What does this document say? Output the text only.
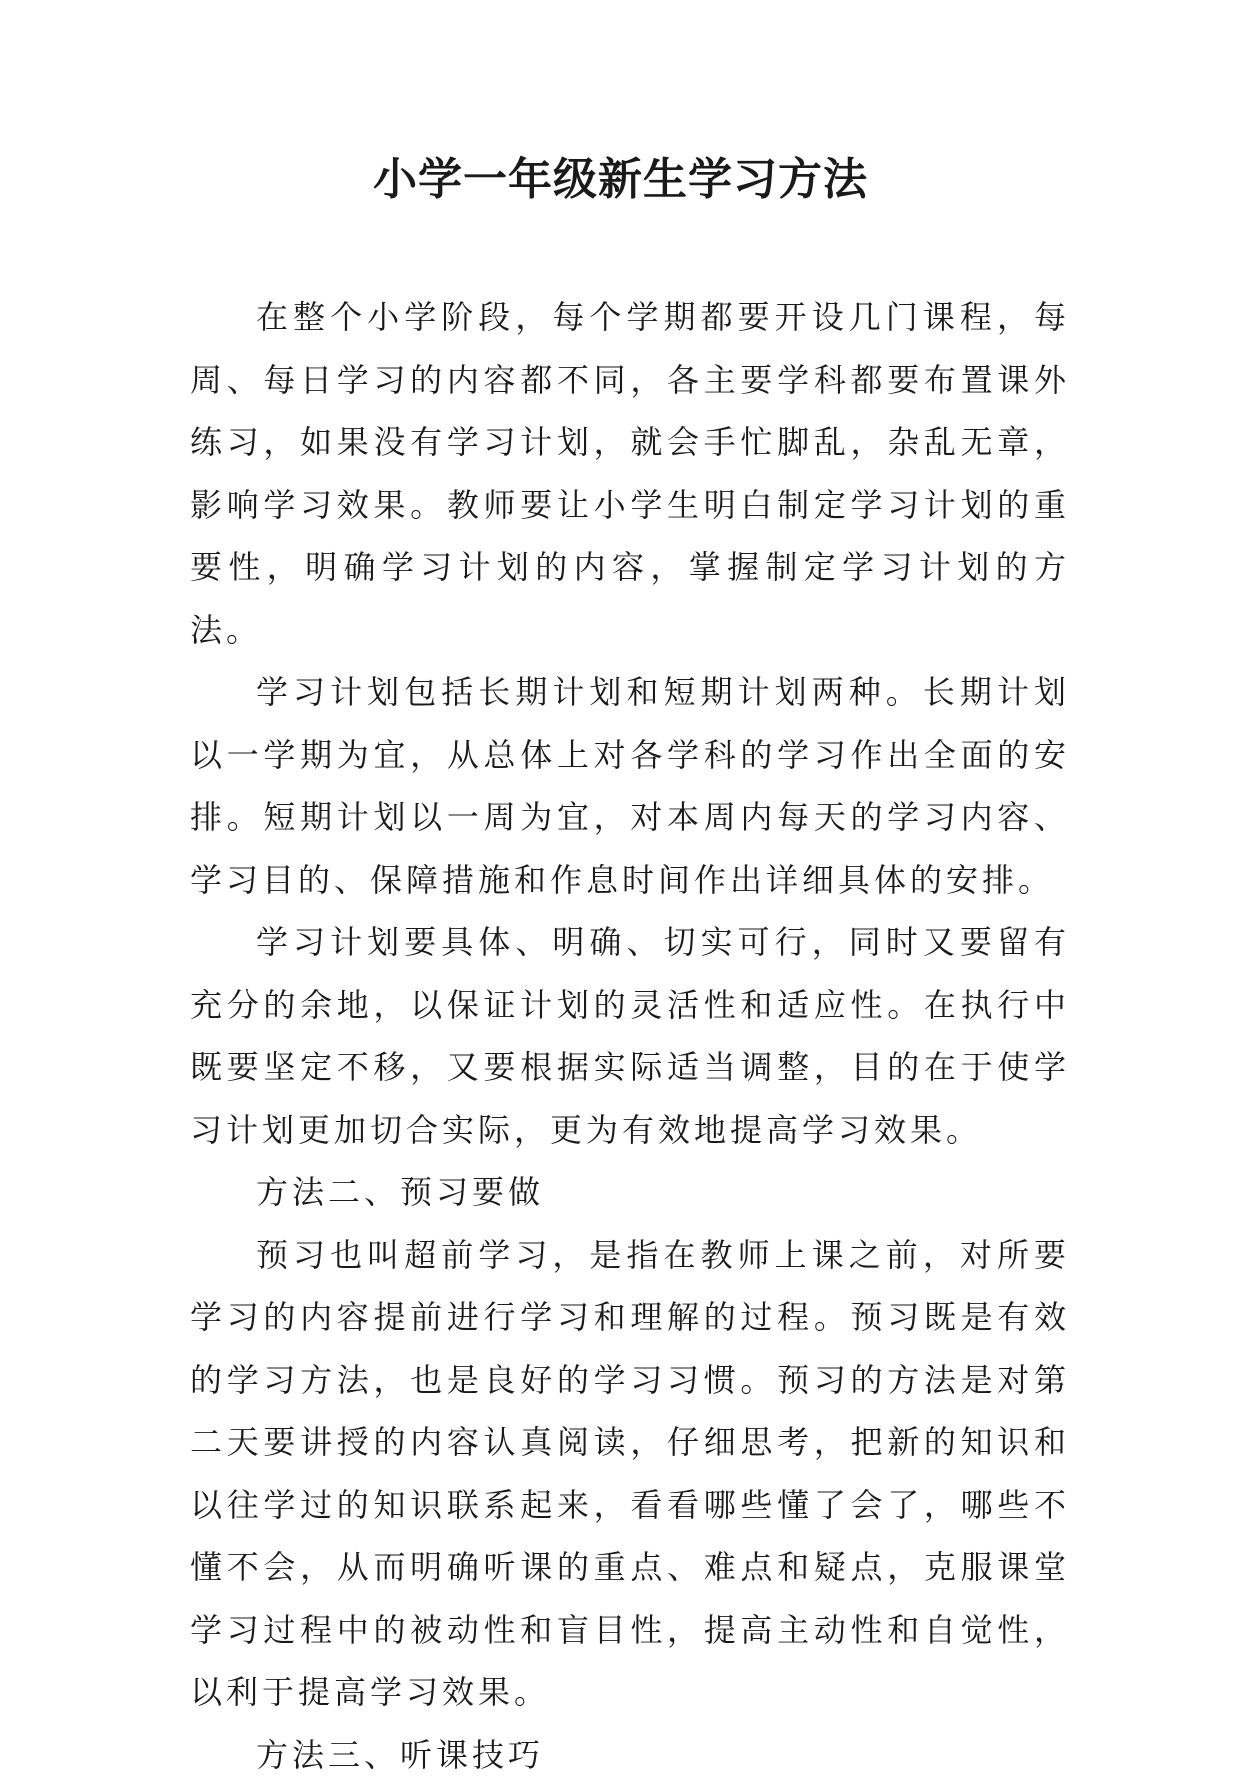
小学一年级新生学习方法

在整个小学阶段，每个学期都要开设几门课程，每周、每日学习的内容都不同，各主要学科都要布置课外练习，如果没有学习计划，就会手忙脚乱，杂乱无章，影响学习效果。教师要让小学生明白制定学习计划的重要性，明确学习计划的内容，掌握制定学习计划的方法。

学习计划包括长期计划和短期计划两种。长期计划以一学期为宜，从总体上对各学科的学习作出全面的安排。短期计划以一周为宜，对本周内每天的学习内容、学习目的、保障措施和作息时间作出详细具体的安排。

学习计划要具体、明确、切实可行，同时又要留有充分的余地，以保证计划的灵活性和适应性。在执行中既要坚定不移，又要根据实际适当调整，目的在于使学习计划更加切合实际，更为有效地提高学习效果。

方法二、预习要做

预习也叫超前学习，是指在教师上课之前，对所要学习的内容提前进行学习和理解的过程。预习既是有效的学习方法，也是良好的学习习惯。预习的方法是对第二天要讲授的内容认真阅读，仔细思考，把新的知识和以往学过的知识联系起来，看看哪些懂了会了，哪些不懂不会，从而明确听课的重点、难点和疑点，克服课堂学习过程中的被动性和盲目性，提高主动性和自觉性，以利于提高学习效果。

方法三、听课技巧
